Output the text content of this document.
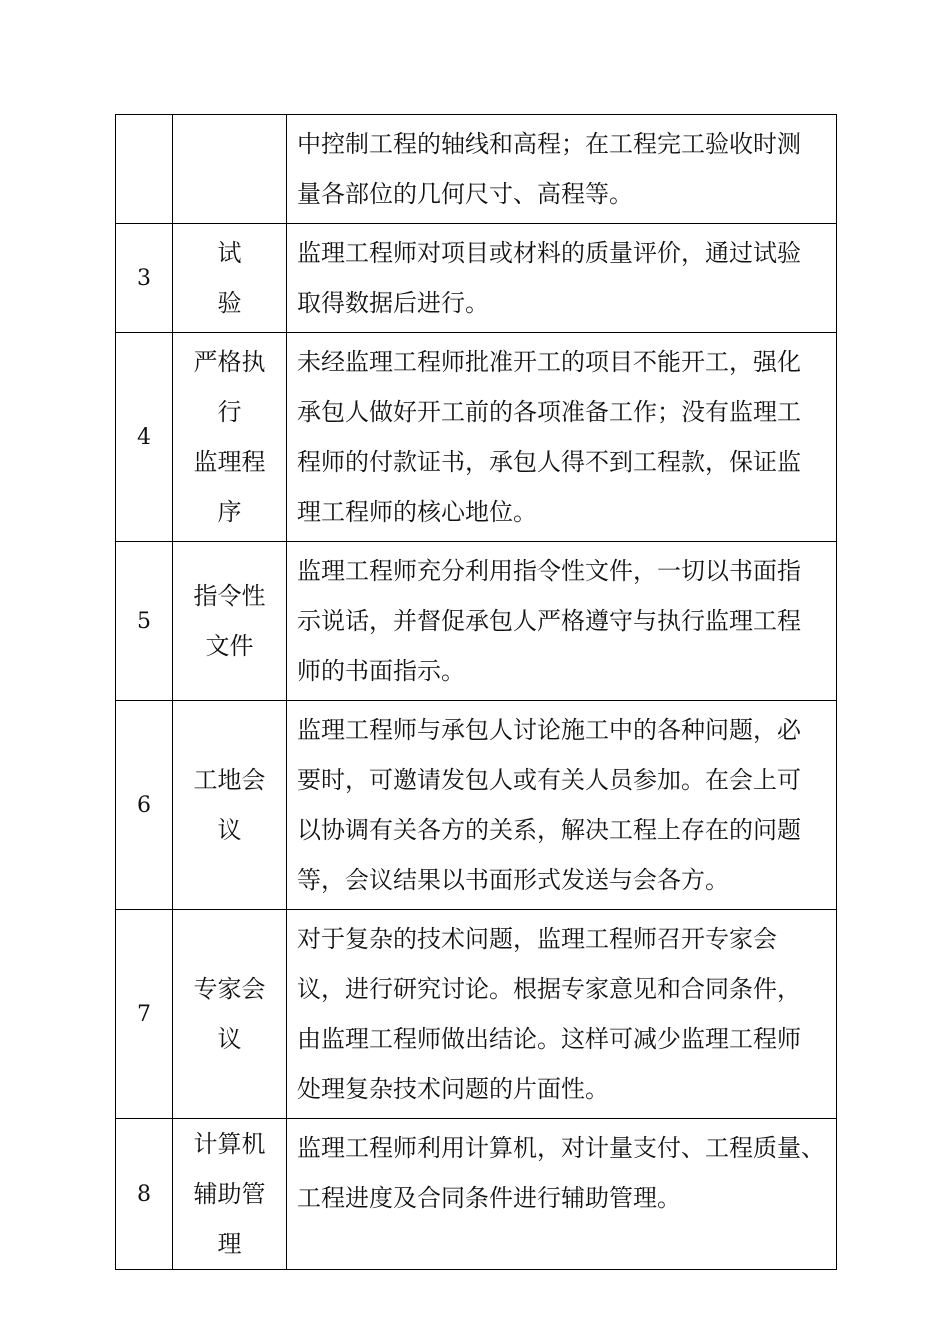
		中控制工程的轴线和高程；在工程完工验收时测
量各部位的几何尺寸、高程等。

3	试
验	监理工程师对项目或材料的质量评价，通过试验
取得数据后进行。

4	严格执
行
监理程
序	未经监理工程师批准开工的项目不能开工，强化
承包人做好开工前的各项准备工作；没有监理工
程师的付款证书，承包人得不到工程款，保证监
理工程师的核心地位。

5	指令性
文件	监理工程师充分利用指令性文件，一切以书面指
示说话，并督促承包人严格遵守与执行监理工程
师的书面指示。

6	工地会
议	监理工程师与承包人讨论施工中的各种问题，必
要时，可邀请发包人或有关人员参加。在会上可
以协调有关各方的关系，解决工程上存在的问题
等，会议结果以书面形式发送与会各方。

7	专家会
议	对于复杂的技术问题，监理工程师召开专家会
议，进行研究讨论。根据专家意见和合同条件，
由监理工程师做出结论。这样可减少监理工程师
处理复杂技术问题的片面性。

8	计算机
辅助管
理	监理工程师利用计算机，对计量支付、工程质量、
工程进度及合同条件进行辅助管理。
